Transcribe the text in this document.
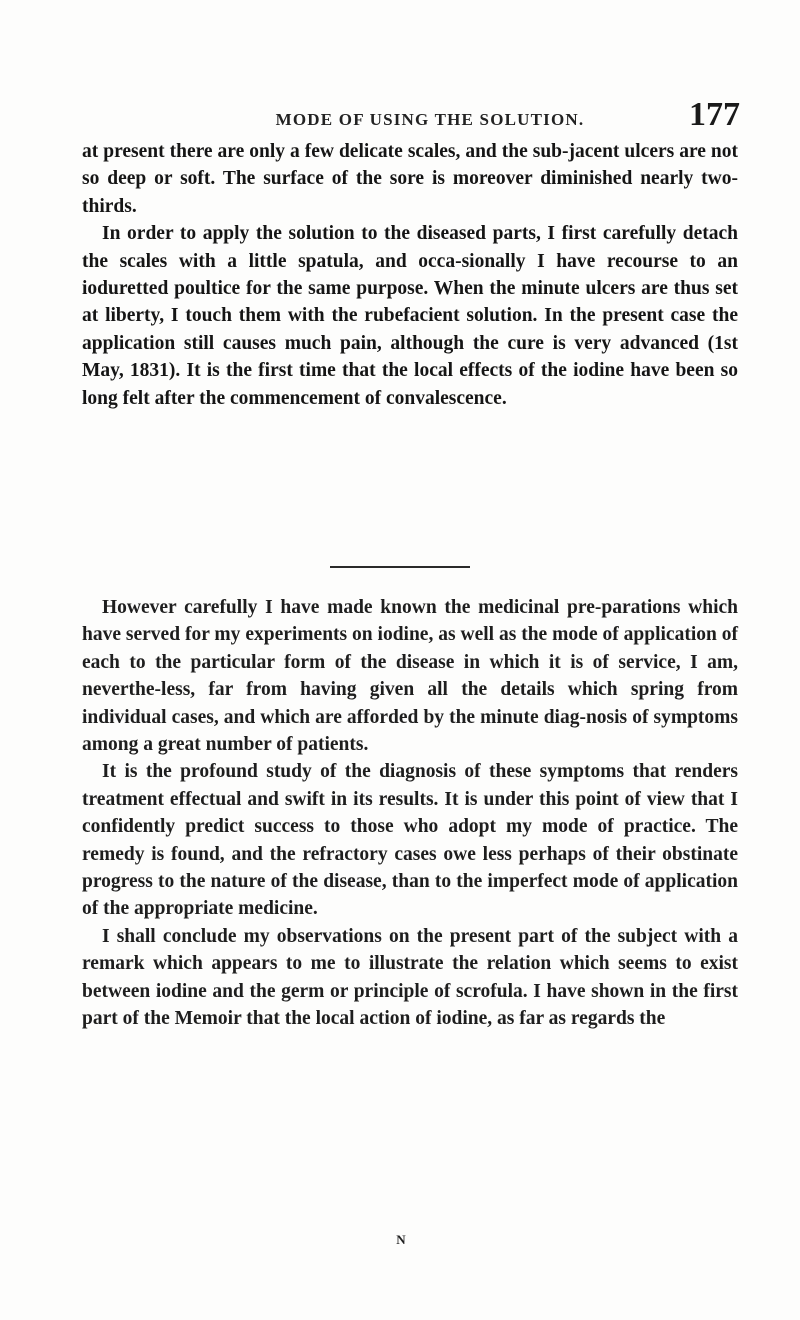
MODE OF USING THE SOLUTION.	177

at present there are only a few delicate scales, and the sub-jacent ulcers are not so deep or soft. The surface of the sore is moreover diminished nearly two-thirds.

In order to apply the solution to the diseased parts, I first carefully detach the scales with a little spatula, and occa-sionally I have recourse to an ioduretted poultice for the same purpose. When the minute ulcers are thus set at liberty, I touch them with the rubefacient solution. In the present case the application still causes much pain, although the cure is very advanced (1st May, 1831). It is the first time that the local effects of the iodine have been so long felt after the commencement of convalescence.

However carefully I have made known the medicinal pre-parations which have served for my experiments on iodine, as well as the mode of application of each to the particular form of the disease in which it is of service, I am, neverthe-less, far from having given all the details which spring from individual cases, and which are afforded by the minute diag-nosis of symptoms among a great number of patients.

It is the profound study of the diagnosis of these symptoms that renders treatment effectual and swift in its results. It is under this point of view that I confidently predict success to those who adopt my mode of practice. The remedy is found, and the refractory cases owe less perhaps of their obstinate progress to the nature of the disease, than to the imperfect mode of application of the appropriate medicine.

I shall conclude my observations on the present part of the subject with a remark which appears to me to illustrate the relation which seems to exist between iodine and the germ or principle of scrofula. I have shown in the first part of the Memoir that the local action of iodine, as far as regards the

N
